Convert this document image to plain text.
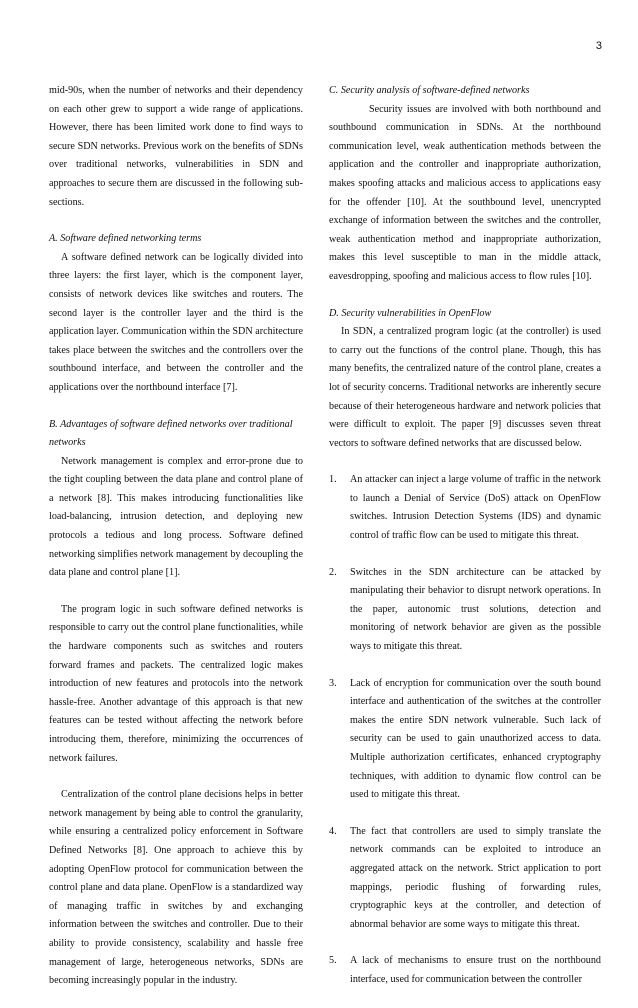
3

mid-90s, when the number of networks and their dependency on each other grew to support a wide range of applications. However, there has been limited work done to find ways to secure SDN networks. Previous work on the benefits of SDNs over traditional networks, vulnerabilities in SDN and approaches to secure them are discussed in the following sub-sections.

A. Software defined networking terms

A software defined network can be logically divided into three layers: the first layer, which is the component layer, consists of network devices like switches and routers. The second layer is the controller layer and the third is the application layer. Communication within the SDN architecture takes place between the switches and the controllers over the southbound interface, and between the controller and the applications over the northbound interface [7].

B. Advantages of software defined networks over traditional networks

Network management is complex and error-prone due to the tight coupling between the data plane and control plane of a network [8]. This makes introducing functionalities like load-balancing, intrusion detection, and deploying new protocols a tedious and long process. Software defined networking simplifies network management by decoupling the data plane and control plane [1].

The program logic in such software defined networks is responsible to carry out the control plane functionalities, while the hardware components such as switches and routers forward frames and packets. The centralized logic makes introduction of new features and protocols into the network hassle-free. Another advantage of this approach is that new features can be tested without affecting the network before introducing them, therefore, minimizing the occurrences of network failures.

Centralization of the control plane decisions helps in better network management by being able to control the granularity, while ensuring a centralized policy enforcement in Software Defined Networks [8]. One approach to achieve this by adopting OpenFlow protocol for communication between the control plane and data plane. OpenFlow is a standardized way of managing traffic in switches by and exchanging information between the switches and controller. Due to their ability to provide consistency, scalability and hassle free management of large, heterogeneous networks, SDNs are becoming increasingly popular in the industry.

C. Security analysis of software-defined networks

Security issues are involved with both northbound and southbound communication in SDNs. At the northbound communication level, weak authentication methods between the application and the controller and inappropriate authorization, makes spoofing attacks and malicious access to applications easy for the offender [10]. At the southbound level, unencrypted exchange of information between the switches and the controller, weak authentication method and inappropriate authorization, makes this level susceptible to man in the middle attack, eavesdropping, spoofing and malicious access to flow rules [10].

D. Security vulnerabilities in OpenFlow

In SDN, a centralized program logic (at the controller) is used to carry out the functions of the control plane. Though, this has many benefits, the centralized nature of the control plane, creates a lot of security concerns. Traditional networks are inherently secure because of their heterogeneous hardware and network policies that were difficult to exploit. The paper [9] discusses seven threat vectors to software defined networks that are discussed below.

1. An attacker can inject a large volume of traffic in the network to launch a Denial of Service (DoS) attack on OpenFlow switches. Intrusion Detection Systems (IDS) and dynamic control of traffic flow can be used to mitigate this threat.
2. Switches in the SDN architecture can be attacked by manipulating their behavior to disrupt network operations. In the paper, autonomic trust solutions, detection and monitoring of network behavior are given as the possible ways to mitigate this threat.
3. Lack of encryption for communication over the south bound interface and authentication of the switches at the controller makes the entire SDN network vulnerable. Such lack of security can be used to gain unauthorized access to data. Multiple authorization certificates, enhanced cryptography techniques, with addition to dynamic flow control can be used to mitigate this threat.
4. The fact that controllers are used to simply translate the network commands can be exploited to introduce an aggregated attack on the network. Strict application to port mappings, periodic flushing of forwarding rules, cryptographic keys at the controller, and detection of abnormal behavior are some ways to mitigate this threat.
5. A lack of mechanisms to ensure trust on the northbound interface, used for communication between the controller
